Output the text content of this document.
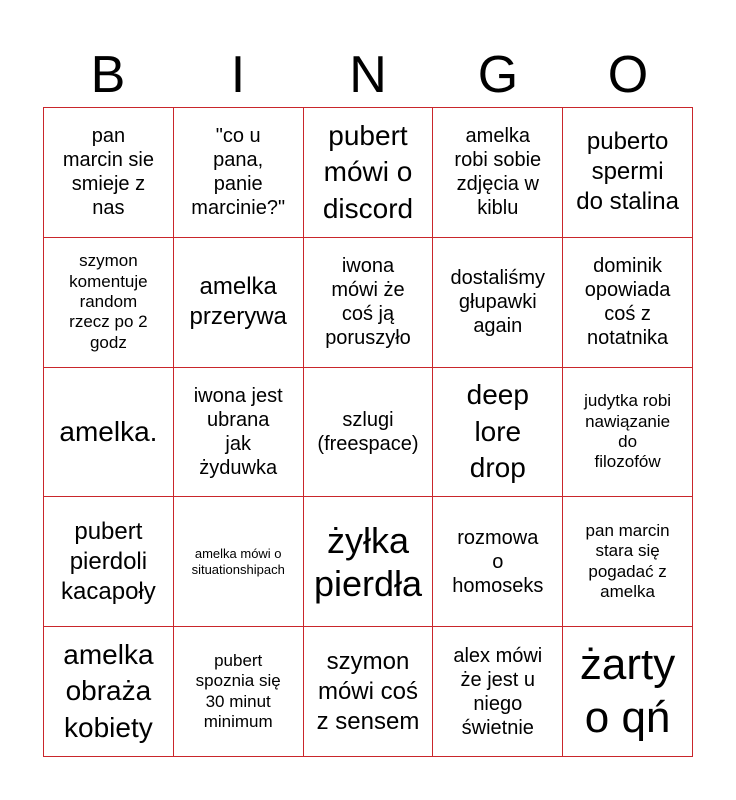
B	I	N	G	O
pan
marcin sie
smieje z
nas
"co u
pana,
panie
marcinie?"
pubert
mówi o
discord
amelka
robi sobie
zdjęcia w
kiblu
puberto
spermi
do stalina
szymon
komentuje
random
rzecz po 2
godz
amelka
przerywa
iwona
mówi że
coś ją
poruszyło
dostaliśmy
głupawki
again
dominik
opowiada
coś z
notatnika
amelka.
iwona jest
ubrana
jak
żyduwka
szlugi
(freespace)
deep
lore
drop
judytka robi
nawiązanie
do
filozofów
pubert
pierdoli
kacapoły
amelka mówi o
situationshipach
żyłka
pierdła
rozmowa
o
homoseks
pan marcin
stara się
pogadać z
amelka
amelka
obraża
kobiety
pubert
spoznia się
30 minut
minimum
szymon
mówi coś
z sensem
alex mówi
że jest u
niego
świetnie
żarty
o qń
